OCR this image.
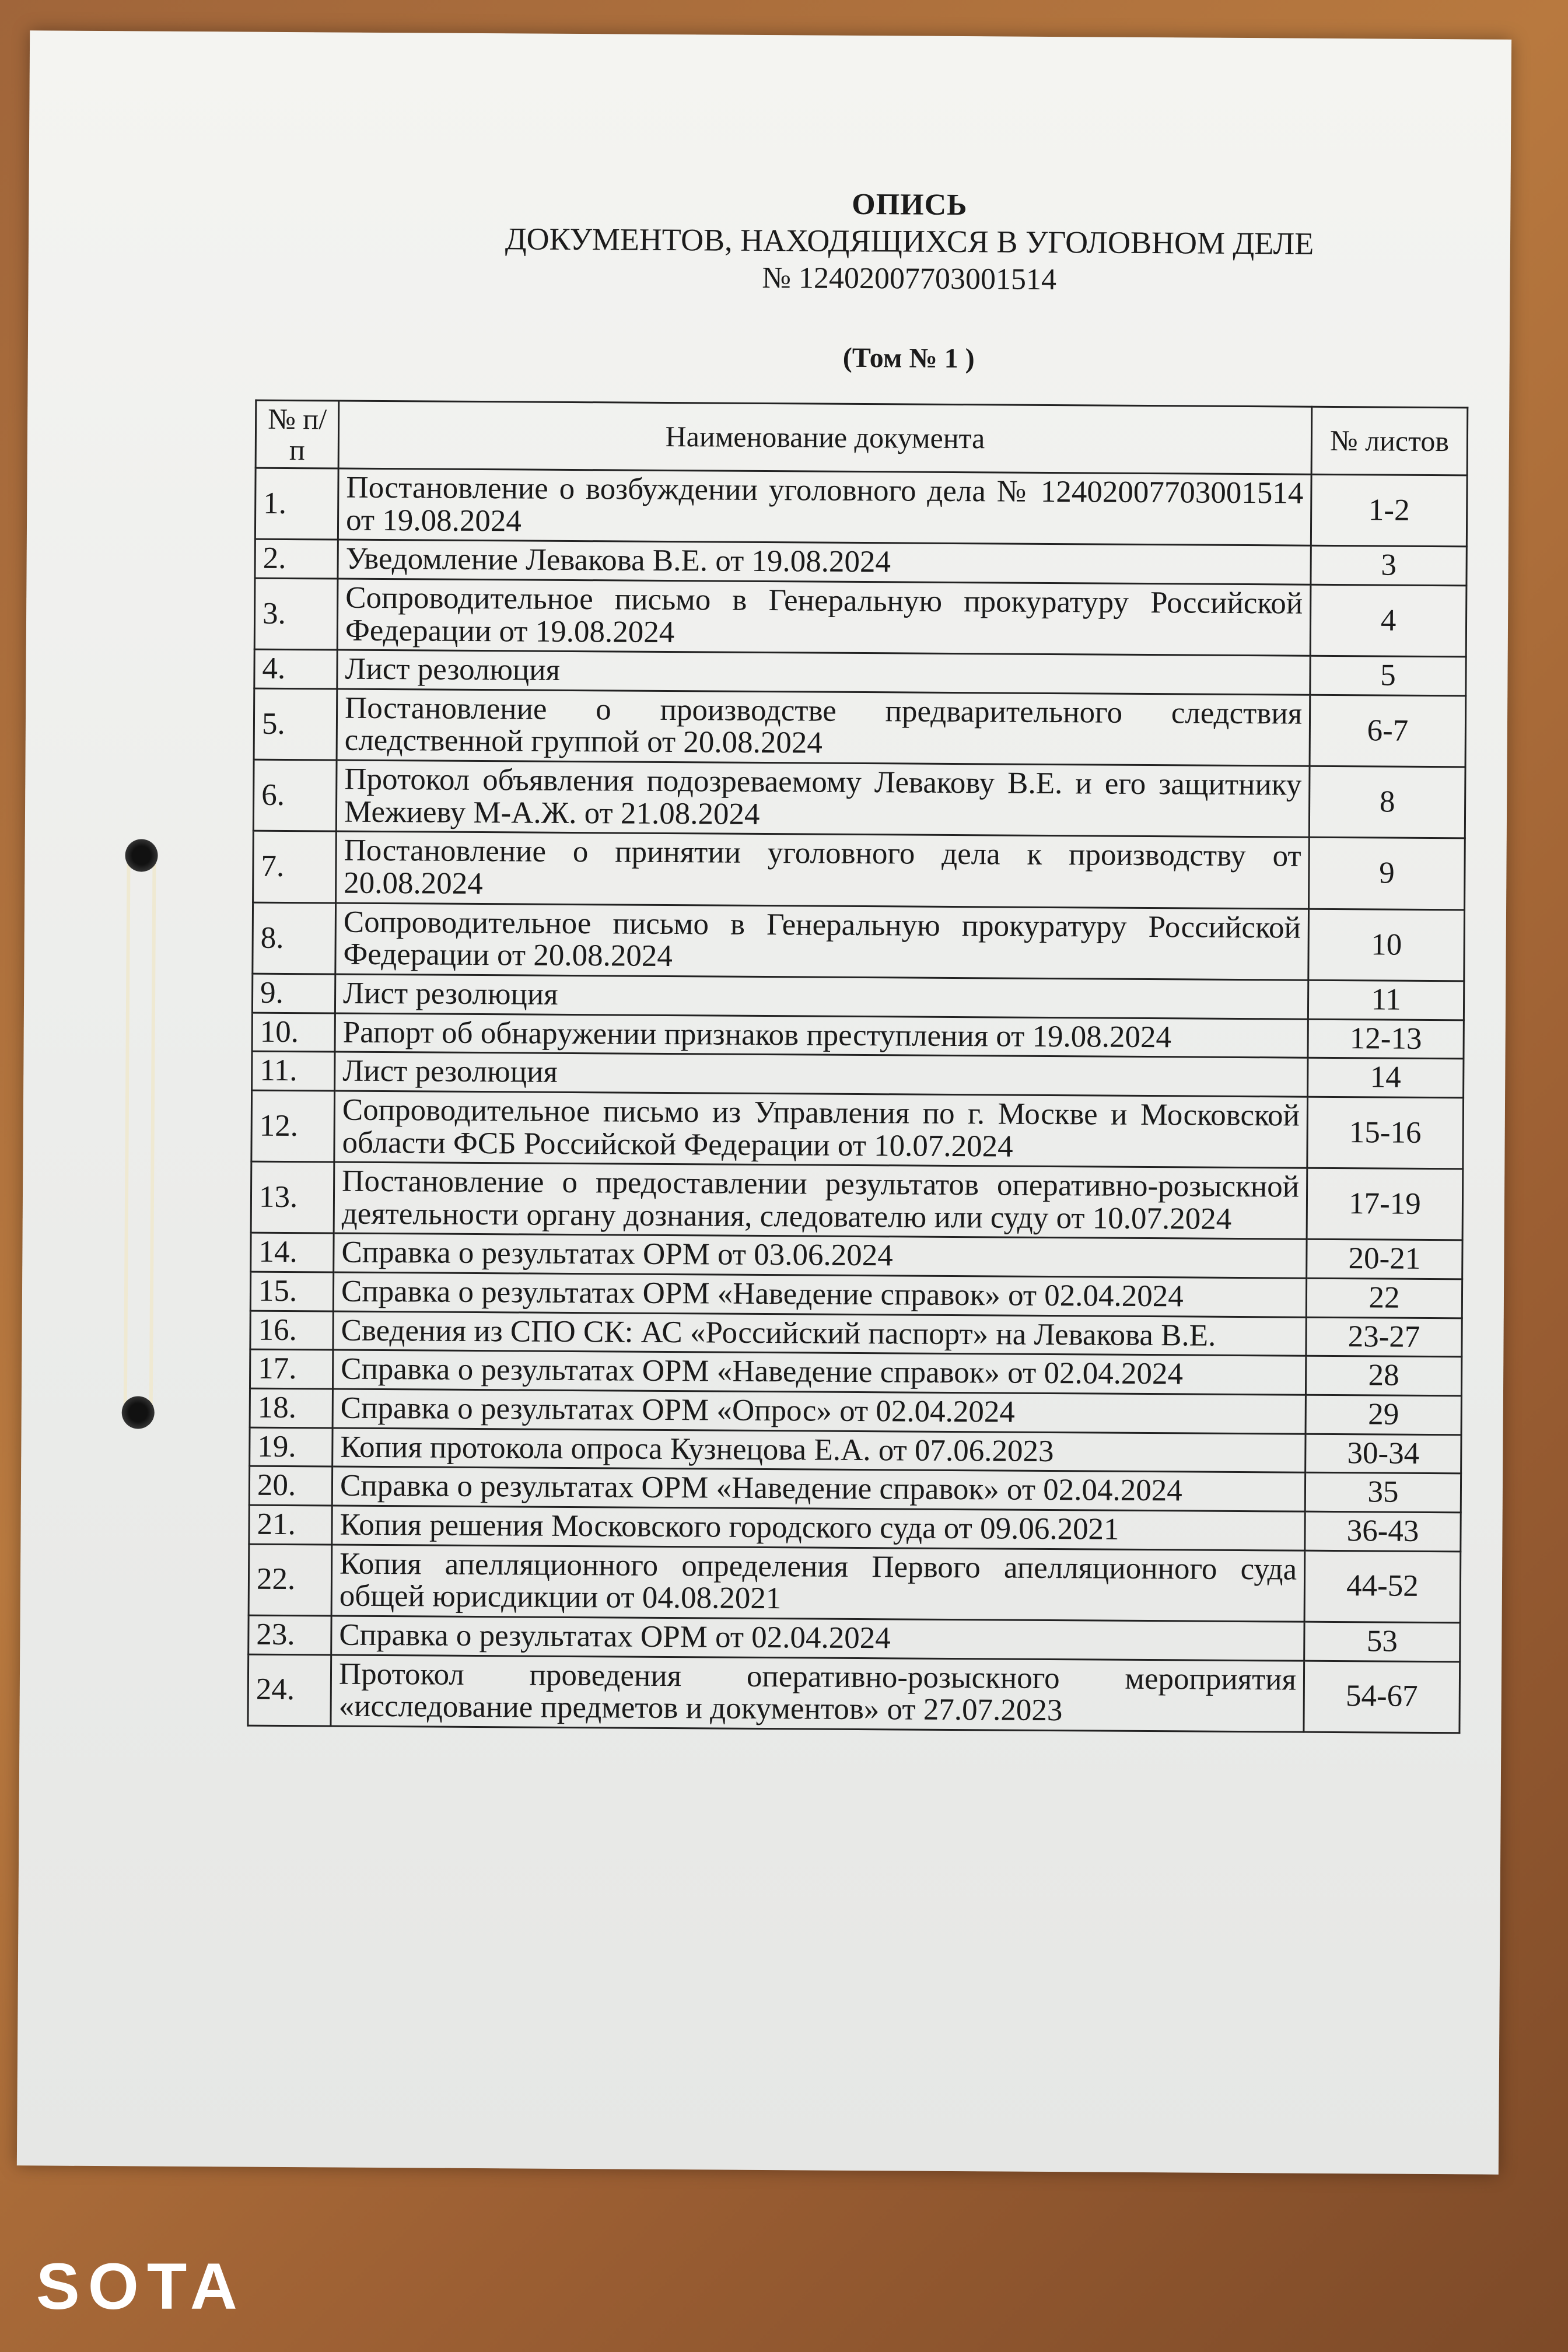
ОПИСЬ
ДОКУМЕНТОВ, НАХОДЯЩИХСЯ В УГОЛОВНОМ ДЕЛЕ
№ 12402007703001514
(Том № 1 )
№ п/п	Наименование документа	№ листов
1.	Постановление о возбуждении уголовного дела № 12402007703001514 от 19.08.2024	1-2
2.	Уведомление Левакова В.Е. от 19.08.2024	3
3.	Сопроводительное письмо в Генеральную прокуратуру Российской Федерации от 19.08.2024	4
4.	Лист резолюция	5
5.	Постановление о производстве предварительного следствия следственной группой от 20.08.2024	6-7
6.	Протокол объявления подозреваемому Левакову В.Е. и его защитнику Межиеву М-А.Ж. от 21.08.2024	8
7.	Постановление о принятии уголовного дела к производству от 20.08.2024	9
8.	Сопроводительное письмо в Генеральную прокуратуру Российской Федерации от 20.08.2024	10
9.	Лист резолюция	11
10.	Рапорт об обнаружении признаков преступления от 19.08.2024	12-13
11.	Лист резолюция	14
12.	Сопроводительное письмо из Управления по г. Москве и Московской области ФСБ Российской Федерации от 10.07.2024	15-16
13.	Постановление о предоставлении результатов оперативно-розыскной деятельности органу дознания, следователю или суду от 10.07.2024	17-19
14.	Справка о результатах ОРМ от 03.06.2024	20-21
15.	Справка о результатах ОРМ «Наведение справок» от 02.04.2024	22
16.	Сведения из СПО СК: АС «Российский паспорт» на Левакова В.Е.	23-27
17.	Справка о результатах ОРМ «Наведение справок» от 02.04.2024	28
18.	Справка о результатах ОРМ «Опрос» от 02.04.2024	29
19.	Копия протокола опроса Кузнецова Е.А. от 07.06.2023	30-34
20.	Справка о результатах ОРМ «Наведение справок» от 02.04.2024	35
21.	Копия решения Московского городского суда от 09.06.2021	36-43
22.	Копия апелляционного определения Первого апелляционного суда общей юрисдикции от 04.08.2021	44-52
23.	Справка о результатах ОРМ от 02.04.2024	53
24.	Протокол проведения оперативно-розыскного мероприятия «исследование предметов и документов» от 27.07.2023	54-67
SOTA
